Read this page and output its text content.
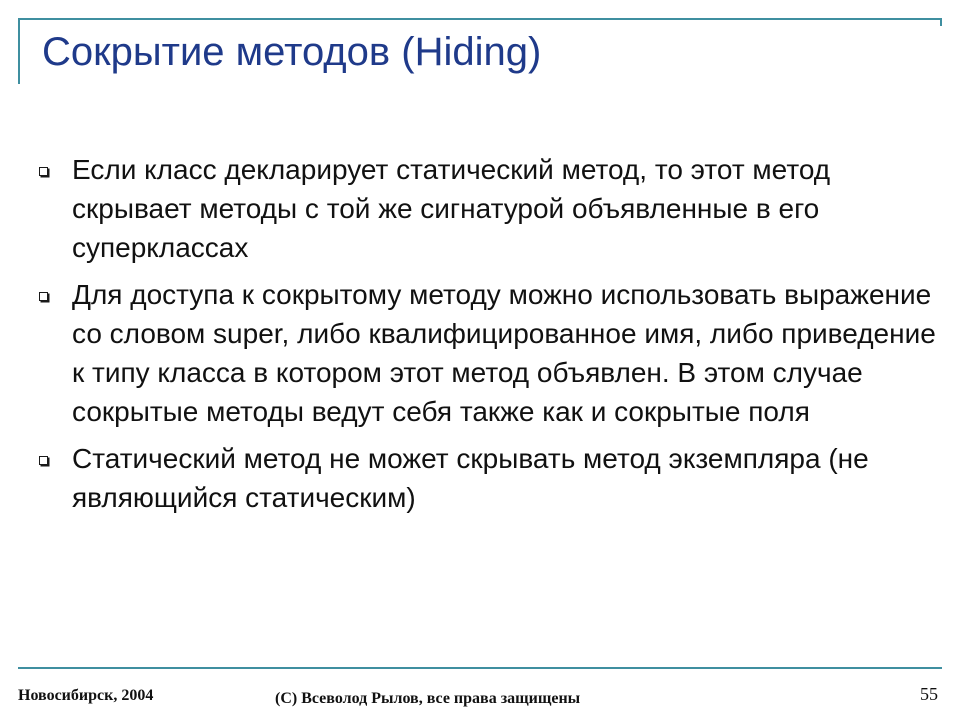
Сокрытие методов (Hiding)
Если класс декларирует статический метод, то этот метод скрывает методы с той же сигнатурой объявленные в его суперклассах
Для доступа к сокрытому методу можно использовать выражение со словом super, либо квалифицированное имя, либо приведение к типу класса в котором этот метод объявлен. В этом случае сокрытые методы ведут себя также как и сокрытые поля
Статический метод не может скрывать метод экземпляра (не являющийся статическим)
Новосибирск, 2004	(С) Всеволод Рылов, все права защищены	55
